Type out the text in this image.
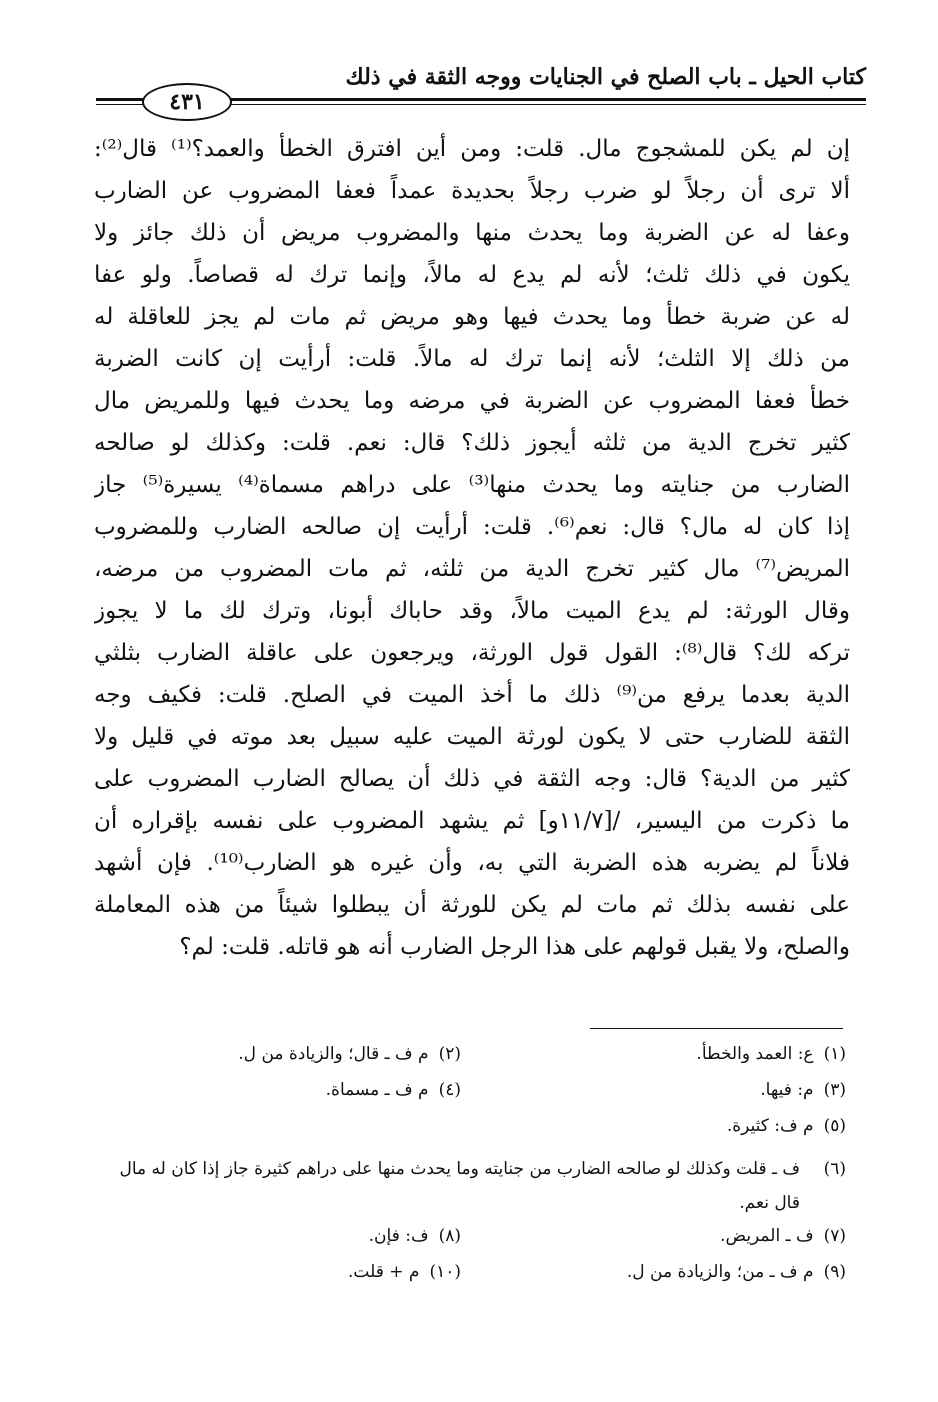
كتاب الحيل ـ باب الصلح في الجنايات ووجه الثقة في ذلك
٤٣١
إن لم يكن للمشجوج مال. قلت: ومن أين افترق الخطأ والعمد؟⁽¹⁾ قال⁽²⁾:
ألا ترى أن رجلاً لو ضرب رجلاً بحديدة عمداً فعفا المضروب عن الضارب
وعفا له عن الضربة وما يحدث منها والمضروب مريض أن ذلك جائز ولا
يكون في ذلك ثلث؛ لأنه لم يدع له مالاً، وإنما ترك له قصاصاً. ولو عفا
له عن ضربة خطأ وما يحدث فيها وهو مريض ثم مات لم يجز للعاقلة له
من ذلك إلا الثلث؛ لأنه إنما ترك له مالاً. قلت: أرأيت إن كانت الضربة
خطأ فعفا المضروب عن الضربة في مرضه وما يحدث فيها وللمريض مال
كثير تخرج الدية من ثلثه أيجوز ذلك؟ قال: نعم. قلت: وكذلك لو صالحه
الضارب من جنايته وما يحدث منها⁽³⁾ على دراهم مسماة⁽⁴⁾ يسيرة⁽⁵⁾ جاز
إذا كان له مال؟ قال: نعم⁽⁶⁾. قلت: أرأيت إن صالحه الضارب وللمضروب
المريض⁽⁷⁾ مال كثير تخرج الدية من ثلثه، ثم مات المضروب من مرضه،
وقال الورثة: لم يدع الميت مالاً، وقد حاباك أبونا، وترك لك ما لا يجوز
تركه لك؟ قال⁽⁸⁾: القول قول الورثة، ويرجعون على عاقلة الضارب بثلثي
الدية بعدما يرفع من⁽⁹⁾ ذلك ما أخذ الميت في الصلح. قلت: فكيف وجه
الثقة للضارب حتى لا يكون لورثة الميت عليه سبيل بعد موته في قليل ولا
كثير من الدية؟ قال: وجه الثقة في ذلك أن يصالح الضارب المضروب على
ما ذكرت من اليسير، /[١١/٧و] ثم يشهد المضروب على نفسه بإقراره أن
فلاناً لم يضربه هذه الضربة التي به، وأن غيره هو الضارب⁽¹⁰⁾. فإن أشهد
على نفسه بذلك ثم مات لم يكن للورثة أن يبطلوا شيئاً من هذه المعاملة
والصلح، ولا يقبل قولهم على هذا الرجل الضارب أنه هو قاتله. قلت: لم؟
(١)ع: العمد والخطأ.
(٢)م ف ـ قال؛ والزيادة من ل.
(٣)م: فيها.
(٤)م ف ـ مسماة.
(٥)م ف: كثيرة.
(٦)
ف ـ قلت وكذلك لو صالحه الضارب من جنايته وما يحدث منها على دراهم كثيرة جاز إذا كان له مال قال نعم.
(٧)ف ـ المريض.
(٨)ف: فإن.
(٩)م ف ـ من؛ والزيادة من ل.
(١٠)م + قلت.
